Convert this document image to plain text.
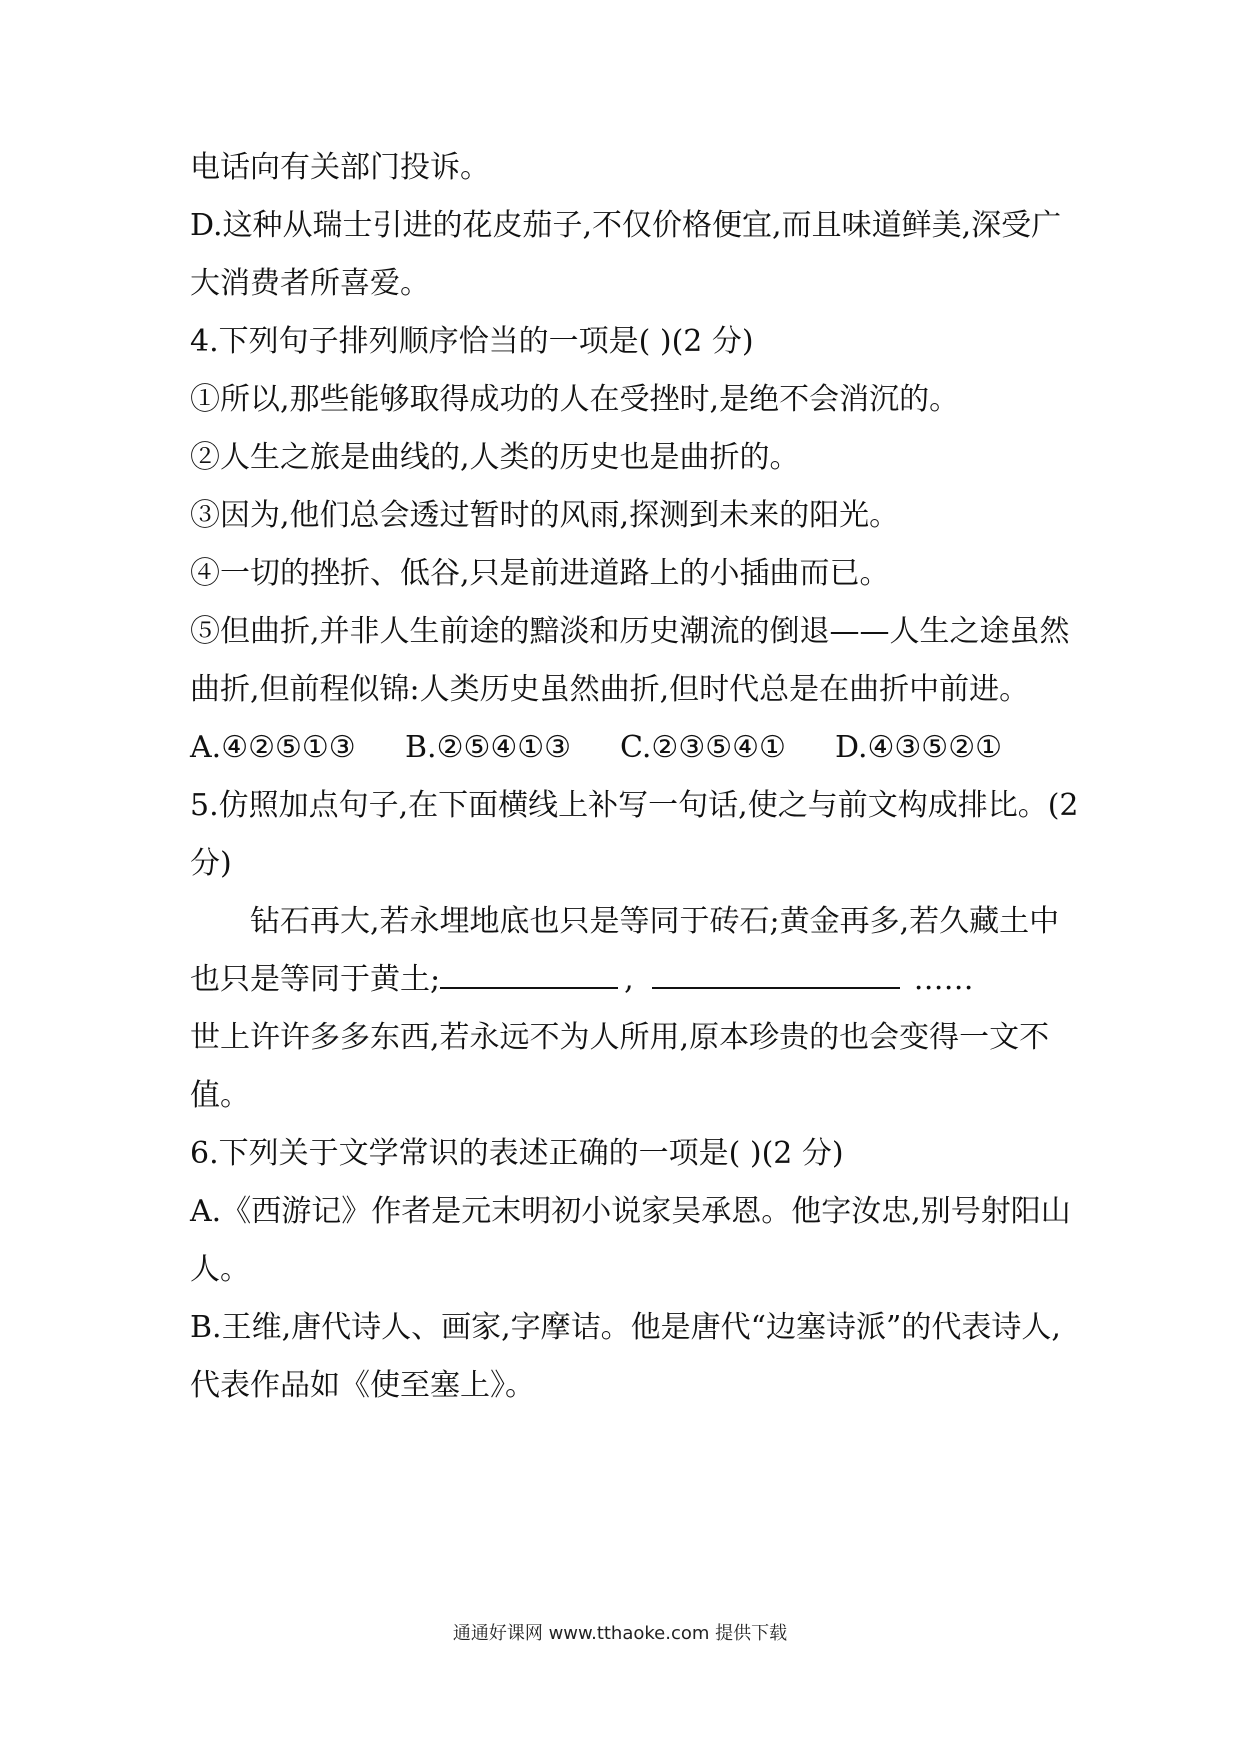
电话向有关部门投诉。
D.这种从瑞士引进的花皮茄子,不仅价格便宜,而且味道鲜美,深受广
大消费者所喜爱。
4.下列句子排列顺序恰当的一项是( )(2 分)
①所以,那些能够取得成功的人在受挫时,是绝不会消沉的。
②人生之旅是曲线的,人类的历史也是曲折的。
③因为,他们总会透过暂时的风雨,探测到未来的阳光。
④一切的挫折、低谷,只是前进道路上的小插曲而已。
⑤但曲折,并非人生前途的黯淡和历史潮流的倒退——人生之途虽然
曲折,但前程似锦:人类历史虽然曲折,但时代总是在曲折中前进。
A.④②⑤①③ B.②⑤④①③ C.②③⑤④① D.④③⑤②①
5.仿照加点句子,在下面横线上补写一句话,使之与前文构成排比。(2
分)
钻石再大,若永埋地底也只是等同于砖石;黄金再多,若久藏土中
也只是等同于黄土;	,	……
世上许许多多东西,若永远不为人所用,原本珍贵的也会变得一文不
值。
6.下列关于文学常识的表述正确的一项是( )(2 分)
A.《西游记》作者是元末明初小说家吴承恩。他字汝忠,别号射阳山
人。
B.王维,唐代诗人、画家,字摩诘。他是唐代“边塞诗派”的代表诗人,
代表作品如《使至塞上》。
通通好课网 www.tthaoke.com 提供下载
